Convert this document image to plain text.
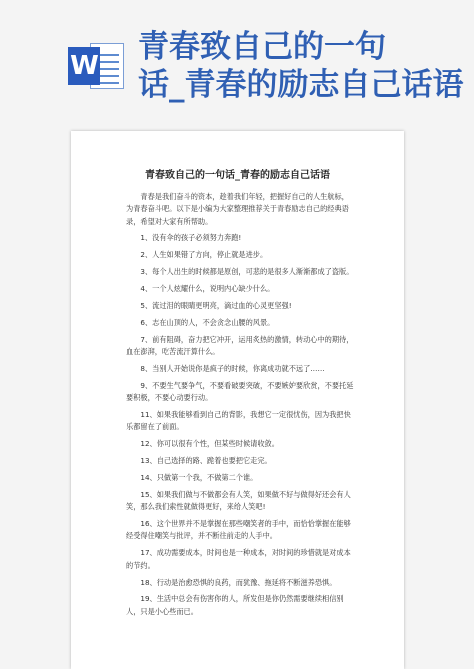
W
青春致自己的一句
话_青春的励志自己话语
青春致自己的一句话_青春的励志自己话语

青春是我们奋斗的资本，趁着我们年轻，把握好自己的人生航标，为青春奋斗吧。以下是小编为大家整理推荐关于青春励志自己的经典语录，希望对大家有所帮助。

1、没有伞的孩子必须努力奔跑!

2、人生如果错了方向，停止就是进步。

3、每个人出生的时候都是原创，可悲的是很多人渐渐都成了盗版。

4、一个人炫耀什么，说明内心缺少什么。

5、流过泪的眼睛更明亮，滴过血的心灵更坚强!

6、志在山顶的人，不会贪念山腰的风景。

7、前有阻碍，奋力把它冲开，运用炙热的激情，转动心中的期待，血在澎湃，吃苦流汗算什么。

8、当别人开始说你是疯子的时候，你离成功就不远了……

9、不要生气要争气，不要看破要突破，不要嫉妒要欣赏，不要托延要积极，不要心动要行动。

11、如果我能够看到自己的背影，我想它一定很忧伤，因为我把快乐都留在了前面。

12、你可以很有个性，但某些时候请收敛。

13、自己选择的路、跪着也要把它走完。

14、只做第一个我，不做第二个谁。

15、如果我们做与不做都会有人笑，如果做不好与做得好还会有人笑，那么我们索性就做得更好，来给人笑吧!

16、这个世界并不是掌握在那些嘲笑者的手中，而恰恰掌握在能够经受得住嘲笑与批评，并不断往前走的人手中。

17、成功需要成本，时间也是一种成本，对时间的珍惜就是对成本的节约。

18、行动是治愈恐惧的良药，而犹豫、拖延将不断滋养恐惧。

19、生活中总会有伤害你的人，所发但是你仍然需要继续相信别人，只是小心些而已。
